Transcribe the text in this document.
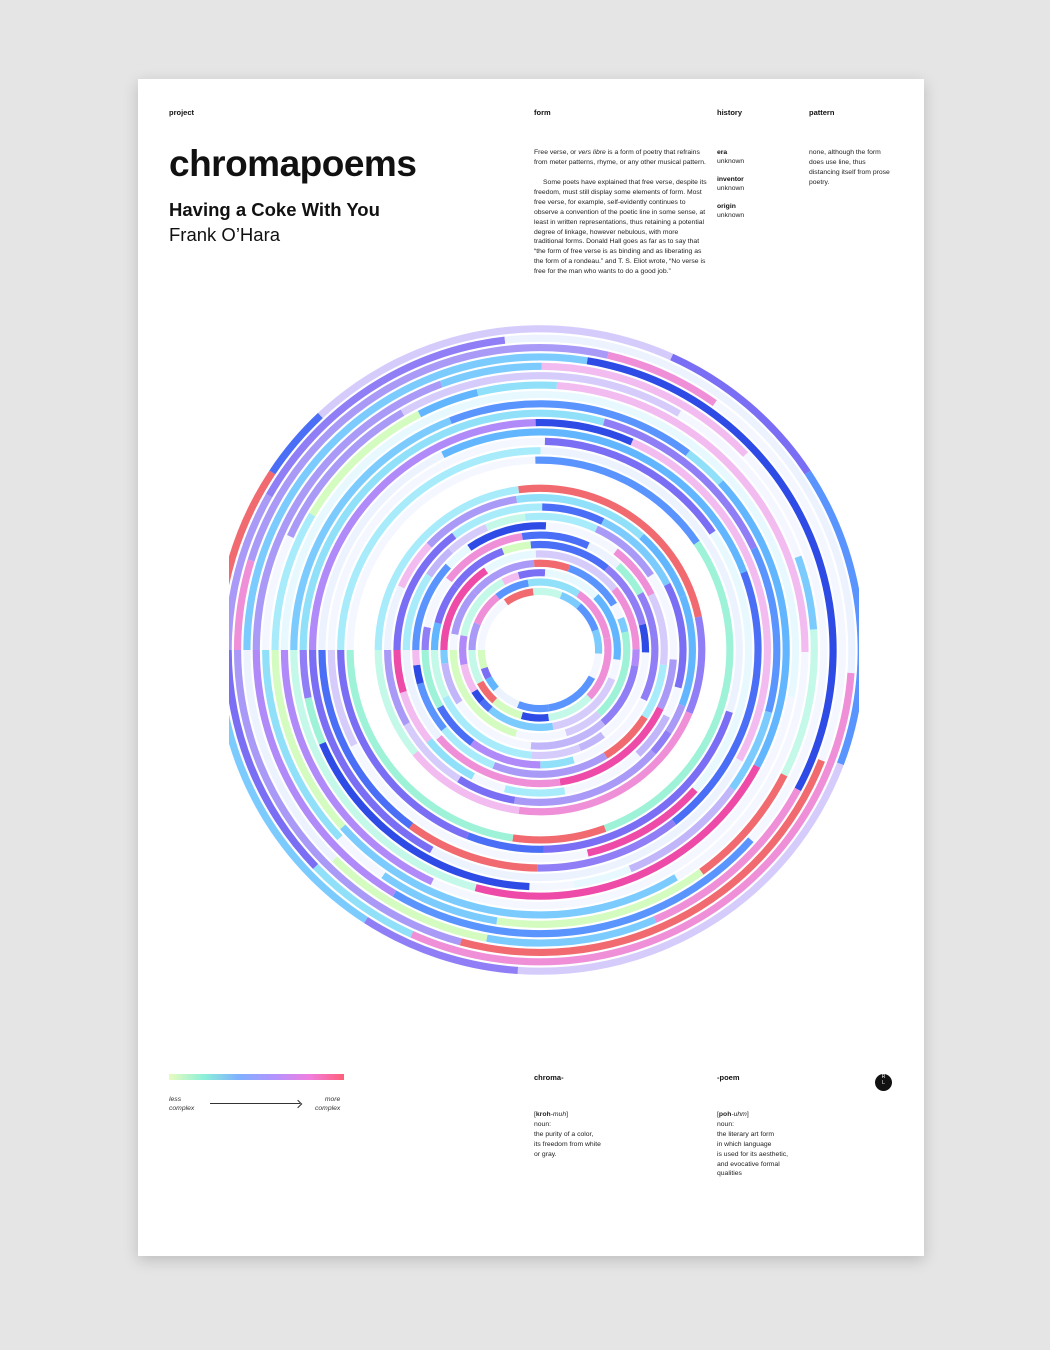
project	form	history	pattern
chromapoems
Having a Coke With You
Frank O’Hara

Free verse, or vers libre is a form of poetry that refrains from meter patterns, rhyme, or any other musical pattern.

Some poets have explained that free verse, despite its freedom, must still display some elements of form. Most free verse, for example, self-evidently continues to observe a convention of the poetic line in some sense, at least in written representations, thus retaining a potential degree of linkage, however nebulous, with more traditional forms. Donald Hall goes as far as to say that “the form of free verse is as binding and as liberating as the form of a rondeau.” and T. S. Eliot wrote, “No verse is free for the man who wants to do a good job.”

era
unknown
inventor
unknown
origin
unknown
none, although the form does use line, thus distancing itself from prose poetry.
less
complex
more
complex
chroma-
[kroh-muh]
noun:
the purity of a color,
its freedom from white
or gray.
-poem
[poh-uhm]
noun:
the literary art form
in which language
is used for its aesthetic,
and evocative formal
qualities
R
L
